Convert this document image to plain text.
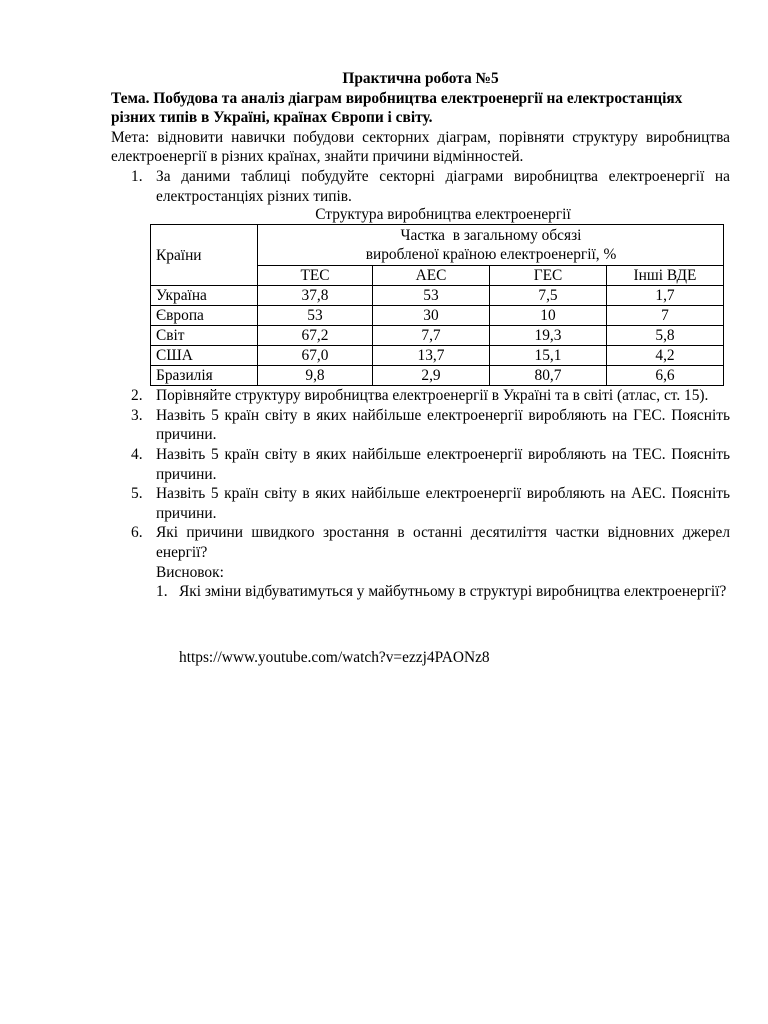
Практична робота №5
Тема. Побудова та аналіз діаграм виробництва електроенергії на електростанціях різних типів в Україні, країнах Європи і світу.
Мета: відновити навички побудови секторних діаграм, порівняти структуру виробництва електроенергії в різних країнах, знайти причини відмінностей.
1. За даними таблиці побудуйте секторні діаграми виробництва електроенергії на електростанціях різних типів.
Структура виробництва електроенергії
Країни	Частка  в загальному обсязі
виробленої країною електроенергії, %			

	ТЕС	АЕС	ГЕС	Інші ВДЕ
Україна	37,8	53	7,5	1,7
Європа	53	30	10	7
Світ	67,2	7,7	19,3	5,8
США	67,0	13,7	15,1	4,2
Бразилія	9,8	2,9	80,7	6,6
2. Порівняйте структуру виробництва електроенергії в Україні та в світі (атлас, ст. 15).
3. Назвіть 5 країн світу в яких найбільше електроенергії виробляють на ГЕС. Поясніть причини.
4. Назвіть 5 країн світу в яких найбільше електроенергії виробляють на ТЕС. Поясніть причини.
5. Назвіть 5 країн світу в яких найбільше електроенергії виробляють на АЕС. Поясніть причини.
6. Які причини швидкого зростання в останні десятиліття частки відновних джерел енергії?
Висновок:
1. Які зміни відбуватимуться у майбутньому в структурі виробництва електроенергії?
https://www.youtube.com/watch?v=ezzj4PAONz8
